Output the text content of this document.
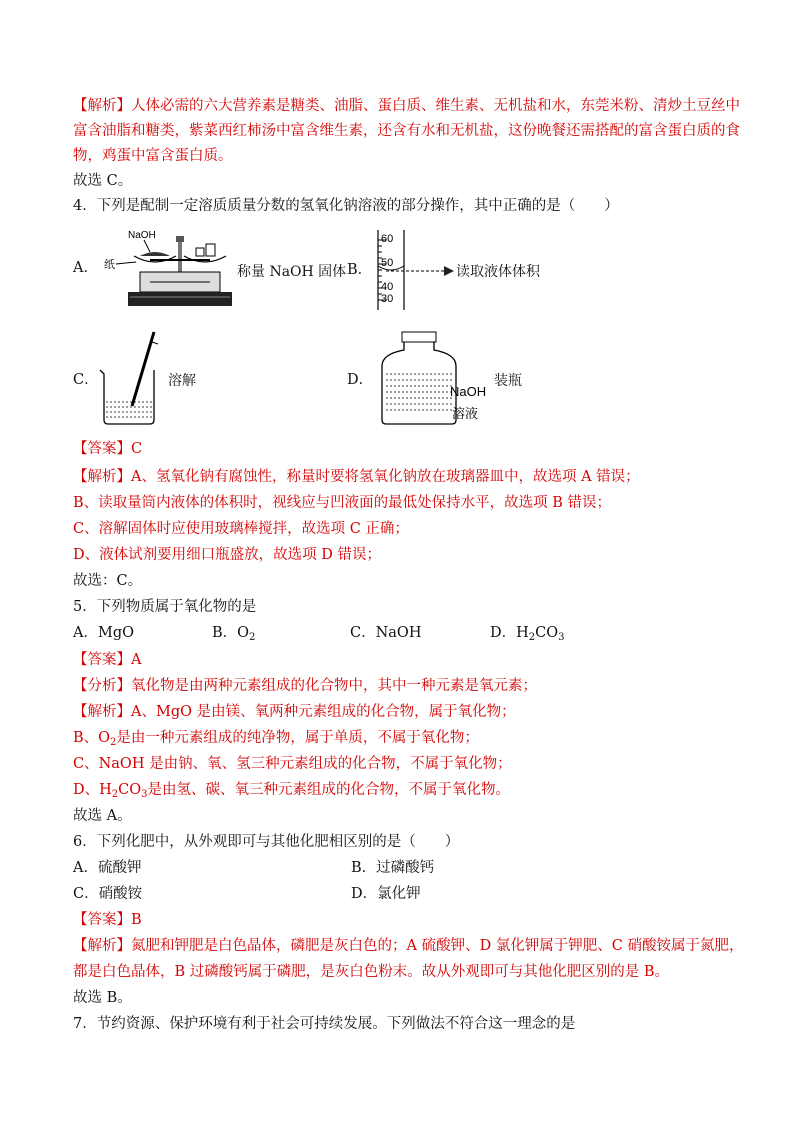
【解析】人体必需的六大营养素是糖类、油脂、蛋白质、维生素、无机盐和水，东莞米粉、清炒土豆丝中
富含油脂和糖类，紫菜西红柿汤中富含维生素，还含有水和无机盐，这份晚餐还需搭配的富含蛋白质的食
物，鸡蛋中富含蛋白质。
故选 C。
4．下列是配制一定溶质质量分数的氢氧化钠溶液的部分操作，其中正确的是（　　）
A．
NaOH
纸	称量 NaOH 固体 B．
60
50
40
30
读取液体体积
C．	溶解	D．
NaOH
溶液
装瓶
【答案】C
【解析】A、氢氧化钠有腐蚀性，称量时要将氢氧化钠放在玻璃器皿中，故选项 A 错误；
B、读取量筒内液体的体积时，视线应与凹液面的最低处保持水平，故选项 B 错误；
C、溶解固体时应使用玻璃棒搅拌，故选项 C 正确；
D、液体试剂要用细口瓶盛放，故选项 D 错误；
故选：C。
5．下列物质属于氧化物的是
A．MgO	B．$O_2$	C．NaOH	D．$H_2CO_3$
【答案】A
【分析】氧化物是由两种元素组成的化合物中，其中一种元素是氧元素；
【解析】A、MgO 是由镁、氧两种元素组成的化合物，属于氧化物；
B、$O_2$是由一种元素组成的纯净物，属于单质，不属于氧化物；
C、NaOH 是由钠、氧、氢三种元素组成的化合物，不属于氧化物；
D、$H_2CO_3$是由氢、碳、氧三种元素组成的化合物，不属于氧化物。
故选 A。
6．下列化肥中，从外观即可与其他化肥相区别的是（　　）
A．硫酸钾	B．过磷酸钙
C．硝酸铵	D．氯化钾
【答案】B
【解析】氮肥和钾肥是白色晶体，磷肥是灰白色的；A 硫酸钾、D 氯化钾属于钾肥、C 硝酸铵属于氮肥，
都是白色晶体，B 过磷酸钙属于磷肥，是灰白色粉末。故从外观即可与其他化肥区别的是 B。
故选 B。
7．节约资源、保护环境有利于社会可持续发展。下列做法不符合这一理念的是
